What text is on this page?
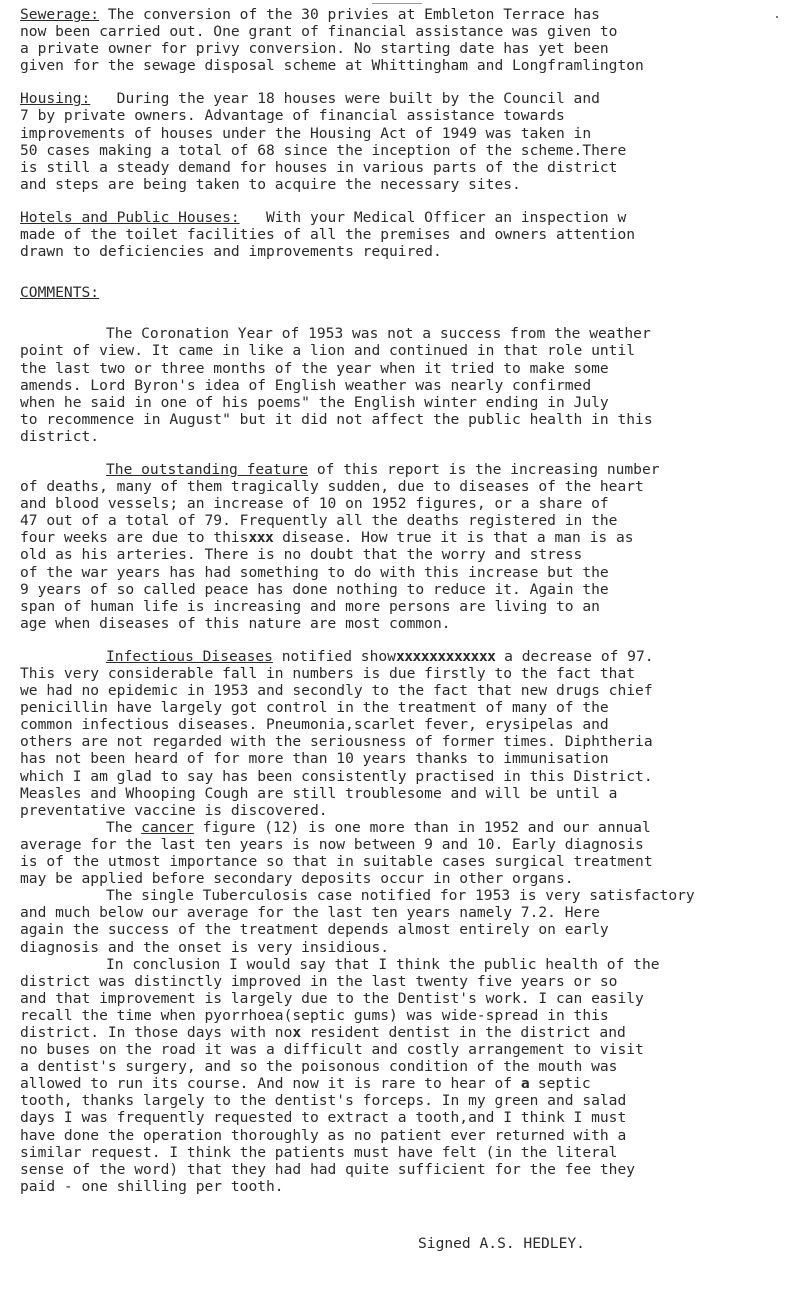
Sewerage: The conversion of the 30 privies at Embleton Terrace has

now been carried out. One grant of financial assistance was given to

a private owner for privy conversion. No starting date has yet been

given for the sewage disposal scheme at Whittingham and Longframlington

Housing:   During the year 18 houses were built by the Council and

7 by private owners. Advantage of financial assistance towards

improvements of houses under the Housing Act of 1949 was taken in

50 cases making a total of 68 since the inception of the scheme.There

is still a steady demand for houses in various parts of the district

and steps are being taken to acquire the necessary sites.

Hotels and Public Houses:   With your Medical Officer an inspection w

made of the toilet facilities of all the premises and owners attention

drawn to deficiencies and improvements required.

COMMENTS:

The Coronation Year of 1953 was not a success from the weather

point of view. It came in like a lion and continued in that role until

the last two or three months of the year when it tried to make some

amends. Lord Byron's idea of English weather was nearly confirmed

when he said in one of his poems" the English winter ending in July

to recommence in August" but it did not affect the public health in this

district.

The outstanding feature of this report is the increasing number

of deaths, many of them tragically sudden, due to diseases of the heart

and blood vessels; an increase of 10 on 1952 figures, or a share of

47 out of a total of 79. Frequently all the deaths registered in the

four weeks are due to thisxxx disease. How true it is that a man is as

old as his arteries. There is no doubt that the worry and stress

of the war years has had something to do with this increase but the

9 years of so called peace has done nothing to reduce it. Again the

span of human life is increasing and more persons are living to an

age when diseases of this nature are most common.

Infectious Diseases notified showxxxxxxxxxxxx a decrease of 97.

This very considerable fall in numbers is due firstly to the fact that

we had no epidemic in 1953 and secondly to the fact that new drugs chief

penicillin have largely got control in the treatment of many of the

common infectious diseases. Pneumonia,scarlet fever, erysipelas and

others are not regarded with the seriousness of former times. Diphtheria

has not been heard of for more than 10 years thanks to immunisation

which I am glad to say has been consistently practised in this District.

Measles and Whooping Cough are still troublesome and will be until a

preventative vaccine is discovered.

The cancer figure (12) is one more than in 1952 and our annual

average for the last ten years is now between 9 and 10. Early diagnosis

is of the utmost importance so that in suitable cases surgical treatment

may be applied before secondary deposits occur in other organs.

The single Tuberculosis case notified for 1953 is very satisfactory

and much below our average for the last ten years namely 7.2. Here

again the success of the treatment depends almost entirely on early

diagnosis and the onset is very insidious.

In conclusion I would say that I think the public health of the

district was distinctly improved in the last twenty five years or so

and that improvement is largely due to the Dentist's work. I can easily

recall the time when pyorrhoea(septic gums) was wide-spread in this

district. In those days with nox resident dentist in the district and

no buses on the road it was a difficult and costly arrangement to visit

a dentist's surgery, and so the poisonous condition of the mouth was

allowed to run its course. And now it is rare to hear of a septic

tooth, thanks largely to the dentist's forceps. In my green and salad

days I was frequently requested to extract a tooth,and I think I must

have done the operation thoroughly as no patient ever returned with a

similar request. I think the patients must have felt (in the literal

sense of the word) that they had had quite sufficient for the fee they

paid - one shilling per tooth.

Signed A.S. HEDLEY.
